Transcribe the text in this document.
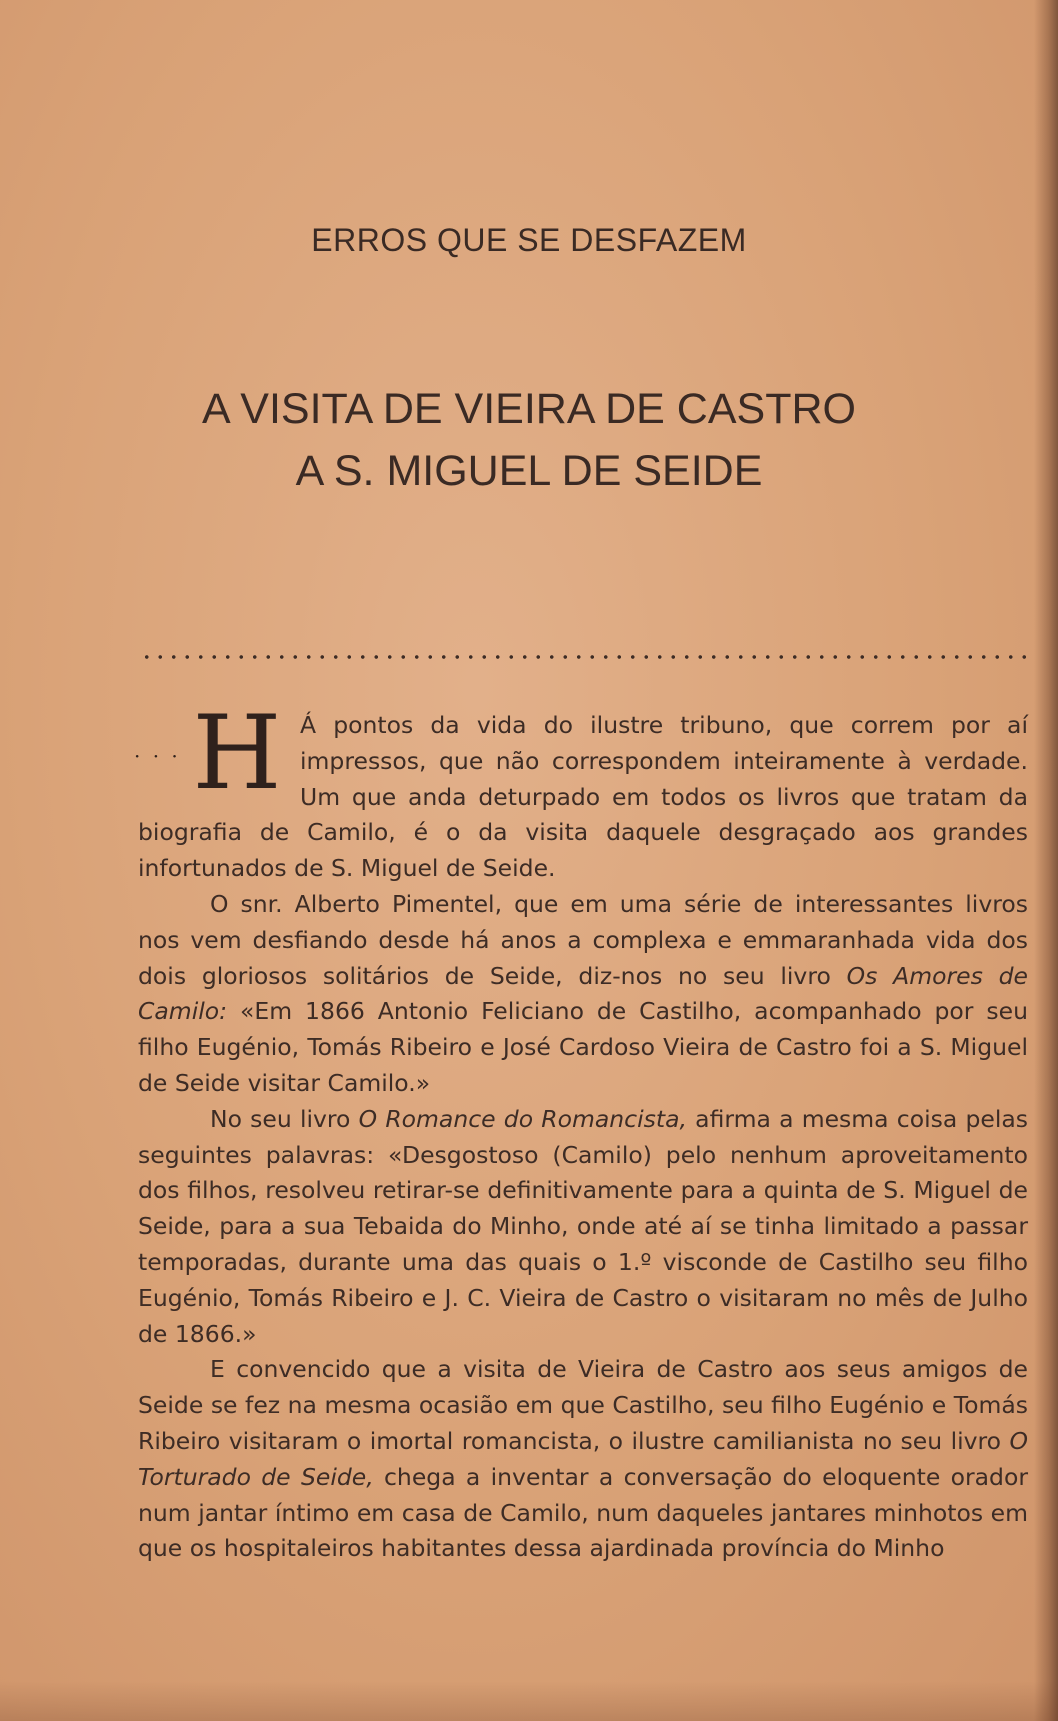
ERROS QUE SE DESFAZEM
A VISITA DE VIEIRA DE CASTRO
A S. MIGUEL DE SEIDE

· · · H Á pontos da vida do ilustre tribuno, que correm por aí impressos, que não correspondem inteiramente à verdade. Um que anda deturpado em todos os livros que tratam da biografia de Camilo, é o da visita daquele desgraçado aos grandes infortunados de S. Miguel de Seide.

O snr. Alberto Pimentel, que em uma série de interessantes livros nos vem desfiando desde há anos a complexa e emmaranhada vida dos dois gloriosos solitários de Seide, diz-nos no seu livro Os Amores de Camilo: «Em 1866 Antonio Feliciano de Castilho, acompanhado por seu filho Eugénio, Tomás Ribeiro e José Cardoso Vieira de Castro foi a S. Miguel de Seide visitar Camilo.»

No seu livro O Romance do Romancista, afirma a mesma coisa pelas seguintes palavras: «Desgostoso (Camilo) pelo nenhum aproveitamento dos filhos, resolveu retirar-se definitivamente para a quinta de S. Miguel de Seide, para a sua Tebaida do Minho, onde até aí se tinha limitado a passar temporadas, durante uma das quais o 1.º visconde de Castilho seu filho Eugénio, Tomás Ribeiro e J. C. Vieira de Castro o visitaram no mês de Julho de 1866.»

E convencido que a visita de Vieira de Castro aos seus amigos de Seide se fez na mesma ocasião em que Castilho, seu filho Eugénio e Tomás Ribeiro visitaram o imortal romancista, o ilustre camilianista no seu livro O Torturado de Seide, chega a inventar a conversação do eloquente orador num jantar íntimo em casa de Camilo, num daqueles jantares minhotos em que os hospitaleiros habitantes dessa ajardinada província do Minho
